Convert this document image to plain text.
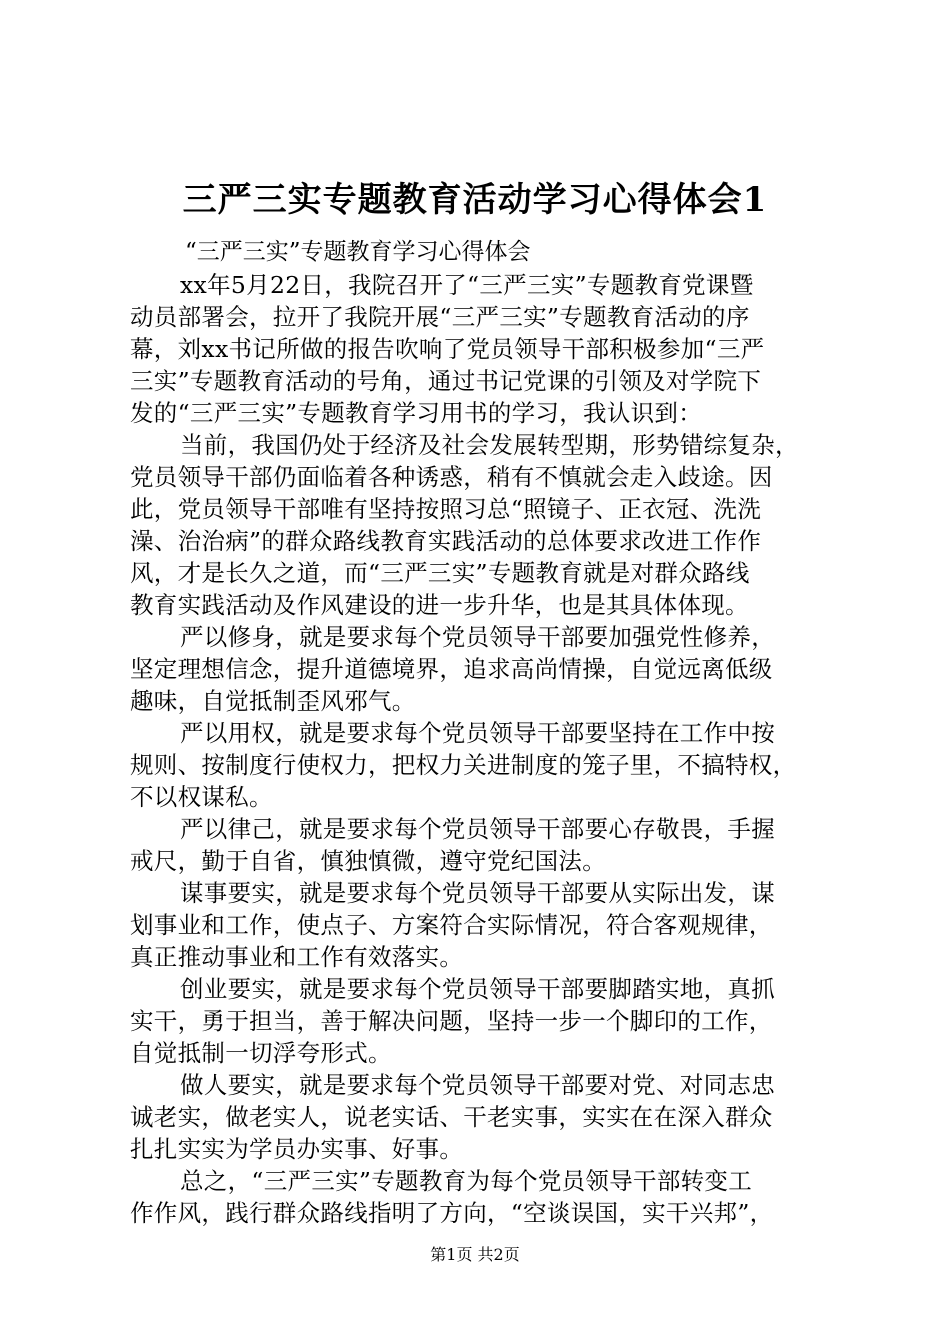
三严三实专题教育活动学习心得体会1
“三严三实”专题教育学习心得体会
xx年5月22日，我院召开了“三严三实”专题教育党课暨
动员部署会，拉开了我院开展“三严三实”专题教育活动的序
幕，刘xx书记所做的报告吹响了党员领导干部积极参加“三严
三实”专题教育活动的号角，通过书记党课的引领及对学院下
发的“三严三实”专题教育学习用书的学习，我认识到：
当前，我国仍处于经济及社会发展转型期，形势错综复杂，
党员领导干部仍面临着各种诱惑，稍有不慎就会走入歧途。因
此，党员领导干部唯有坚持按照习总“照镜子、正衣冠、洗洗
澡、治治病”的群众路线教育实践活动的总体要求改进工作作
风，才是长久之道，而“三严三实”专题教育就是对群众路线
教育实践活动及作风建设的进一步升华，也是其具体体现。
严以修身，就是要求每个党员领导干部要加强党性修养，
坚定理想信念，提升道德境界，追求高尚情操，自觉远离低级
趣味，自觉抵制歪风邪气。
严以用权，就是要求每个党员领导干部要坚持在工作中按
规则、按制度行使权力，把权力关进制度的笼子里，不搞特权，
不以权谋私。
严以律己，就是要求每个党员领导干部要心存敬畏，手握
戒尺，勤于自省，慎独慎微，遵守党纪国法。
谋事要实，就是要求每个党员领导干部要从实际出发，谋
划事业和工作，使点子、方案符合实际情况，符合客观规律，
真正推动事业和工作有效落实。
创业要实，就是要求每个党员领导干部要脚踏实地，真抓
实干，勇于担当，善于解决问题，坚持一步一个脚印的工作，
自觉抵制一切浮夸形式。
做人要实，就是要求每个党员领导干部要对党、对同志忠
诚老实，做老实人，说老实话、干老实事，实实在在深入群众
扎扎实实为学员办实事、好事。
总之，“三严三实”专题教育为每个党员领导干部转变工
作作风，践行群众路线指明了方向，“空谈误国，实干兴邦”，
第1页 共2页
